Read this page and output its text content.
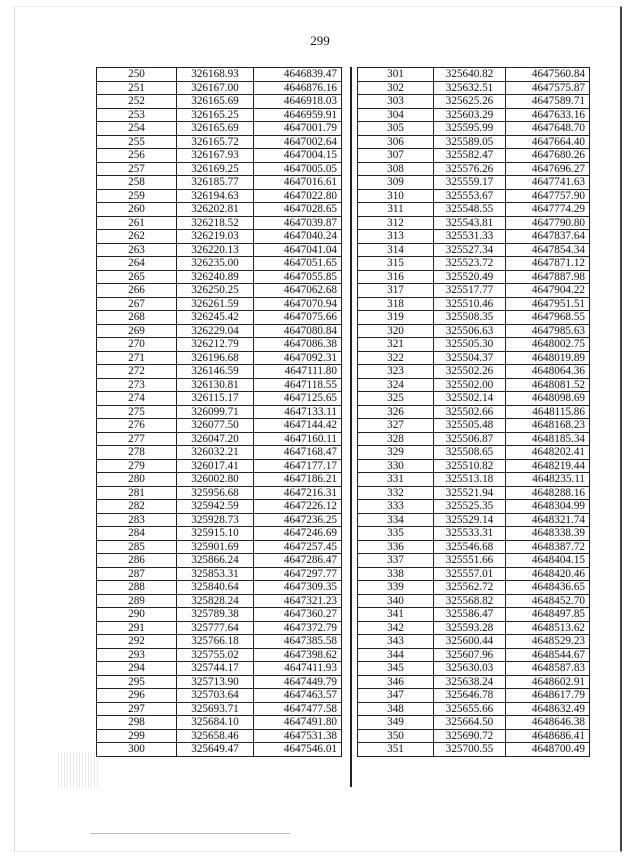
299
250	326168.93	4646839.47
251	326167.00	4646876.16
252	326165.69	4646918.03
253	326165.25	4646959.91
254	326165.69	4647001.79
255	326165.72	4647002.64
256	326167.93	4647004.15
257	326169.25	4647005.05
258	326185.77	4647016.61
259	326194.63	4647022.80
260	326202.81	4647028.65
261	326218.52	4647039.87
262	326219.03	4647040.24
263	326220.13	4647041.04
264	326235.00	4647051.65
265	326240.89	4647055.85
266	326250.25	4647062.68
267	326261.59	4647070.94
268	326245.42	4647075.66
269	326229.04	4647080.84
270	326212.79	4647086.38
271	326196.68	4647092.31
272	326146.59	4647111.80
273	326130.81	4647118.55
274	326115.17	4647125.65
275	326099.71	4647133.11
276	326077.50	4647144.42
277	326047.20	4647160.11
278	326032.21	4647168.47
279	326017.41	4647177.17
280	326002.80	4647186.21
281	325956.68	4647216.31
282	325942.59	4647226.12
283	325928.73	4647236.25
284	325915.10	4647246.69
285	325901.69	4647257.45
286	325866.24	4647286.47
287	325853.31	4647297.77
288	325840.64	4647309.35
289	325828.24	4647321.23
290	325789.38	4647360.27
291	325777.64	4647372.79
292	325766.18	4647385.58
293	325755.02	4647398.62
294	325744.17	4647411.93
295	325713.90	4647449.79
296	325703.64	4647463.57
297	325693.71	4647477.58
298	325684.10	4647491.80
299	325658.46	4647531.38
300	325649.47	4647546.01
301	325640.82	4647560.84
302	325632.51	4647575.87
303	325625.26	4647589.71
304	325603.29	4647633.16
305	325595.99	4647648.70
306	325589.05	4647664.40
307	325582.47	4647680.26
308	325576.26	4647696.27
309	325559.17	4647741.63
310	325553.67	4647757.90
311	325548.55	4647774.29
312	325543.81	4647790.80
313	325531.33	4647837.64
314	325527.34	4647854.34
315	325523.72	4647871.12
316	325520.49	4647887.98
317	325517.77	4647904.22
318	325510.46	4647951.51
319	325508.35	4647968.55
320	325506.63	4647985.63
321	325505.30	4648002.75
322	325504.37	4648019.89
323	325502.26	4648064.36
324	325502.00	4648081.52
325	325502.14	4648098.69
326	325502.66	4648115.86
327	325505.48	4648168.23
328	325506.87	4648185.34
329	325508.65	4648202.41
330	325510.82	4648219.44
331	325513.18	4648235.11
332	325521.94	4648288.16
333	325525.35	4648304.99
334	325529.14	4648321.74
335	325533.31	4648338.39
336	325546.68	4648387.72
337	325551.66	4648404.15
338	325557.01	4648420.46
339	325562.72	4648436.65
340	325568.82	4648452.70
341	325586.47	4648497.85
342	325593.28	4648513.62
343	325600.44	4648529.23
344	325607.96	4648544.67
345	325630.03	4648587.83
346	325638.24	4648602.91
347	325646.78	4648617.79
348	325655.66	4648632.49
349	325664.50	4648646.38
350	325690.72	4648686.41
351	325700.55	4648700.49
